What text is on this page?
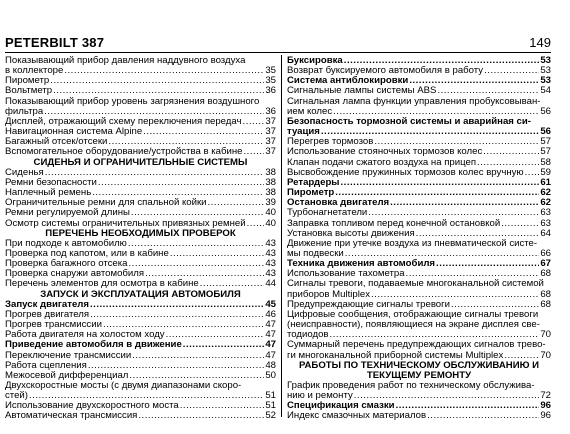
PETERBILT 387	149
Показывающий прибор давления наддувного воздуха
в коллекторе .....	35
Пирометр .....	35
Вольтметр .....	36
Показывающий прибор уровень загрязнения воздушного
фильтра .....	36
Дисплей, отражающий схему переключения передач ..... 37
Навигационная система Alpine .....	37
Багажный отсек/отсеки .....	37
Вспомогательное оборудование/устройства в кабине ..... 37
СИДЕНЬЯ И ОГРАНИЧИТЕЛЬНЫЕ СИСТЕМЫ
Сиденья .....	38
Ремни безопасности .....	38
Наплечный ремень .....	38
Ограничительные ремни для спальной койки .....	39
Ремни регулируемой длины .....	40
Осмотр системы ограничительных привязных ремней ..... 40
ПЕРЕЧЕНЬ НЕОБХОДИМЫХ ПРОВЕРОК
При подходе к автомобилю .....	43
Проверка под капотом, или в кабине .....	43
Проверка багажного отсека .....	43
Проверка снаружи автомобиля .....	43
Перечень элементов для осмотра в кабине .....	44
ЗАПУСК И ЭКСПЛУАТАЦИЯ АВТОМОБИЛЯ
Запуск двигателя .....	45
Прогрев двигателя .....	46
Прогрев трансмиссии .....	47
Работа двигателя на холостом ходу .....	47
Приведение автомобиля в движение .....	47
Переключение трансмиссии .....	47
Работа сцепления .....	48
Межосевой дифференциал .....	50
Двухскоростные мосты (с двумя диапазонами скоро-
стей) .....	51
Использование двухскоростного моста .....	51
Автоматическая трансмиссия .....	52
Буксировка .....	53
Возврат буксируемого автомобиля в работу .....	53
Система антиблокировки .....	53
Сигнальные лампы системы ABS .....	54
Сигнальная лампа функции управления пробуксовыван-
ием колес .....	56
Безопасность тормозной системы и аварийная си-
туация .....	56
Перегрев тормозов .....	57
Использование стояночных тормозов колес .....	57
Клапан подачи сжатого воздуха на прицеп .....	58
Высвобождение пружинных тормозов колес вручную ..... 59
Ретардеры .....	61
Пирометр .....	62
Остановка двигателя .....	62
Турбонагнетатели .....	63
Заправка топливом перед конечной остановкой .....	63
Установка высоты движения .....	64
Движение при утечке воздуха из пневматической систе-
мы подвески .....	66
Техника движения автомобиля .....	67
Использование тахометра .....	68
Сигналы тревоги, подаваемые многоканальной системой
приборов Multiplex .....	68
Предупреждающие сигналы тревоги .....	68
Цифровые сообщения, отображающие сигналы тревоги
(неисправности), появляющиеся на экране дисплея све-
тодиодов .....	70
Суммарный перечень предупреждающих сигналов трево-
ги многоканальной приборной системы Multiplex .....	70
РАБОТЫ ПО ТЕХНИЧЕСКОМУ ОБСЛУЖИВАНИЮ И
ТЕКУЩЕМУ РЕМОНТУ
График проведения работ по техническому обслужива-
нию и ремонту .....	72
Спецификация смазки .....	96
Индекс смазочных материалов .....	96
